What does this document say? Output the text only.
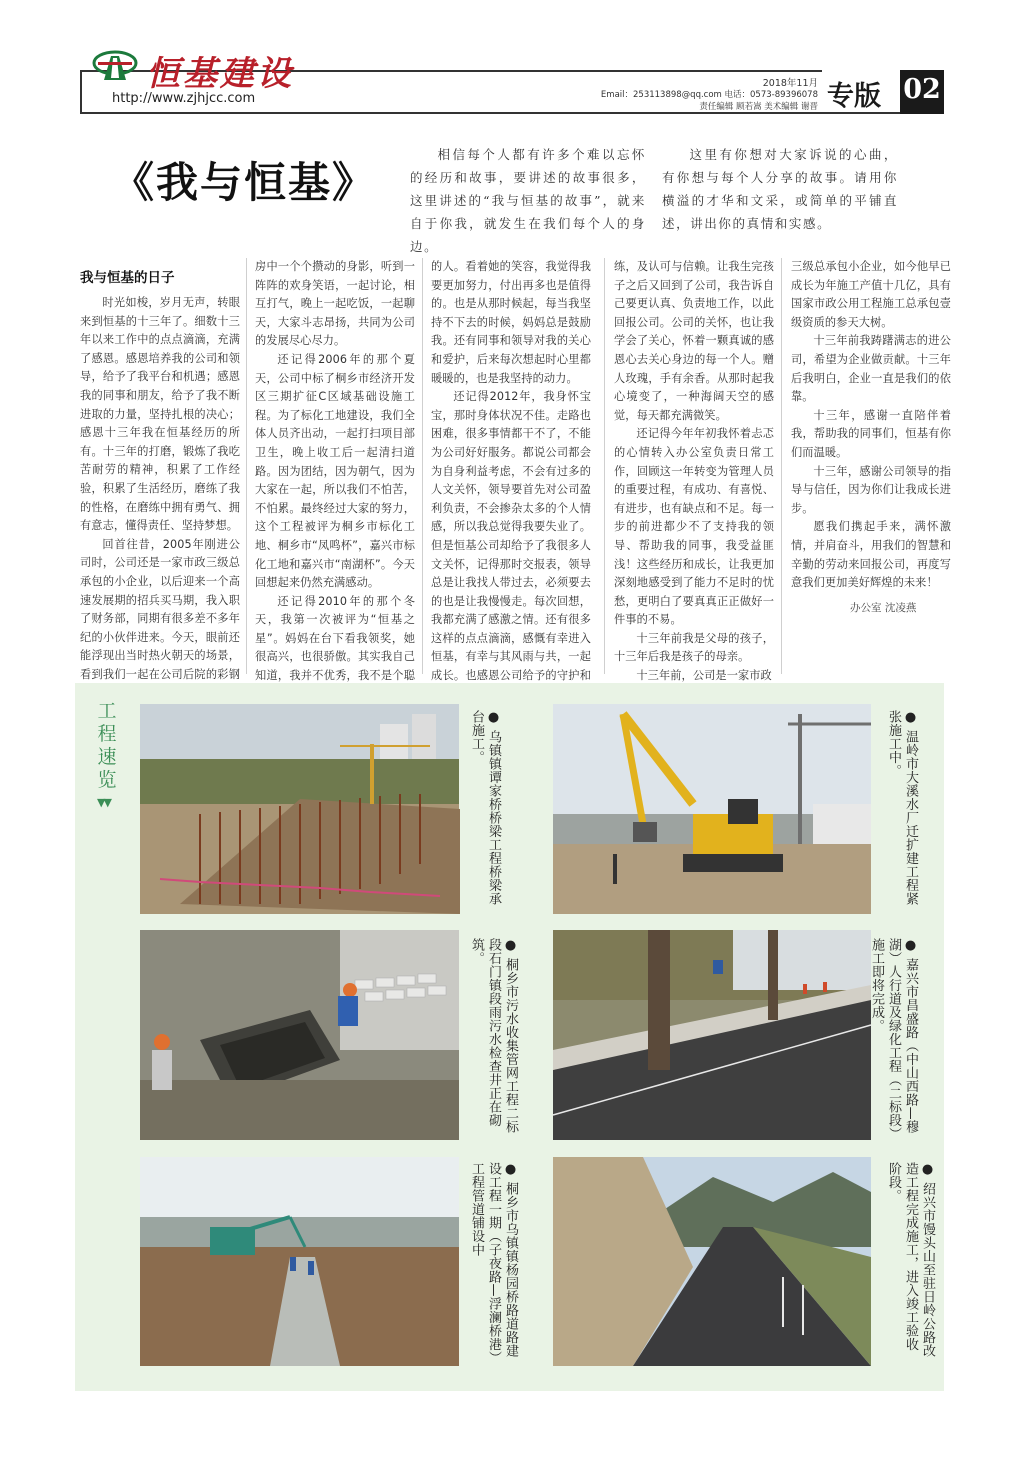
恒基建设
http://www.zjhjcc.com
2018年11月
Email：253113898@qq.com 电话：0573-89396078
责任编辑 顾若嵩 美术编辑 谢晋 专版 02
《我与恒基》
相信每个人都有许多个难以忘怀的经历和故事，要讲述的故事很多，这里讲述的“我与恒基的故事”，就来自于你我，就发生在我们每个人的身边。
这里有你想对大家诉说的心曲，有你想与每个人分享的故事。请用你横溢的才华和文采，或简单的平铺直述，讲出你的真情和实感。
我与恒基的日子

时光如梭，岁月无声，转眼来到恒基的十三年了。细数十三年以来工作中的点点滴滴，充满了感恩。感恩培养我的公司和领导，给予了我平台和机遇；感恩我的同事和朋友，给予了我不断进取的力量，坚持扎根的决心；感恩十三年我在恒基经历的所有。十三年的打磨，锻炼了我吃苦耐劳的精神，积累了工作经验，积累了生活经历，磨练了我的性格，在磨练中拥有勇气、拥有意志，懂得责任、坚持梦想。

回首往昔，2005年刚进公司时，公司还是一家市政三级总承包的小企业，以后迎来一个高速发展期的招兵买马期，我入职了财务部，同期有很多差不多年纪的小伙伴进来。今天，眼前还能浮现出当时热火朝天的场景，看到我们一起在公司后院的彩钢

房中一个个攒动的身影，听到一阵阵的欢身笑语，一起讨论，相互打气，晚上一起吃饭，一起聊天，大家斗志昂扬，共同为公司的发展尽心尽力。

还记得2006年的那个夏天，公司中标了桐乡市经济开发区三期扩征C区域基础设施工程。为了标化工地建设，我们全体人员齐出动，一起打扫项目部卫生，晚上收工后一起清扫道路。因为团结，因为朝气，因为大家在一起，所以我们不怕苦，不怕累。最终经过大家的努力，这个工程被评为桐乡市标化工地、桐乡市“凤鸣杯”，嘉兴市标化工地和嘉兴市“南湖杯”。今天回想起来仍然充满感动。

还记得2010年的那个冬天，我第一次被评为“恒基之星”。妈妈在台下看我领奖，她很高兴，也很骄傲。其实我自己知道，我并不优秀，我不是个聪

的人。看着她的笑容，我觉得我要更加努力，付出再多也是值得的。也是从那时候起，每当我坚持不下去的时候，妈妈总是鼓励我。还有同事和领导对我的关心和爱护，后来每次想起时心里都暖暖的，也是我坚持的动力。

还记得2012年，我身怀宝宝，那时身体状况不佳。走路也困难，很多事情都干不了，不能为公司好好服务。都说公司都会为自身利益考虑，不会有过多的人文关怀，领导要首先对公司盈利负责，不会掺杂太多的个人情感，所以我总觉得我要失业了。但是恒基公司却给予了我很多人文关怀，记得那时交报表，领导总是让我找人带过去，必须要去的也是让我慢慢走。每次回想，我都充满了感激之情。还有很多这样的点点滴滴，感慨有幸进入恒基，有幸与其风雨与共，一起成长。也感恩公司给予的守护和

练，及认可与信赖。让我生完孩子之后又回到了公司，我告诉自己要更认真、负责地工作，以此回报公司。公司的关怀，也让我学会了关心，怀着一颗真诚的感恩心去关心身边的每一个人。赠人玫瑰，手有余香。从那时起我心境变了，一种海阔天空的感觉，每天都充满微笑。

还记得今年年初我怀着忐忑的心情转入办公室负责日常工作，回顾这一年转变为管理人员的重要过程，有成功、有喜悦、有进步，也有缺点和不足。每一步的前进都少不了支持我的领导、帮助我的同事，我受益匪浅！这些经历和成长，让我更加深刻地感受到了能力不足时的忧愁，更明白了要真真正正做好一件事的不易。

十三年前我是父母的孩子，十三年后我是孩子的母亲。

十三年前，公司是一家市政

三级总承包小企业，如今他早已成长为年施工产值十几亿，具有国家市政公用工程施工总承包壹级资质的参天大树。

十三年前我踌躇满志的进公司，希望为企业做贡献。十三年后我明白，企业一直是我们的依靠。

十三年，感谢一直陪伴着我，帮助我的同事们，恒基有你们而温暖。

十三年，感谢公司领导的指导与信任，因为你们让我成长进步。

愿我们携起手来，满怀激情，并肩奋斗，用我们的智慧和辛勤的劳动来回报公司，再度写意我们更加美好辉煌的未来！

办公室 沈凌燕
工程速览
▼▼	● 乌镇镇谭家桥桥梁工程桥梁承台施工。
● 桐乡市污水收集管网工程二标段石门镇段雨污水检查井正在砌筑。
● 桐乡市乌镇镇杨园桥路道路建设工程一期（子夜路—浮澜桥港）工程管道铺设中
● 温岭市大溪水厂迁扩建工程紧张施工中。
● 嘉兴市昌盛路（中山西路—穆湖）人行道及绿化工程（二标段）施工即将完成。
● 绍兴市馒头山至驻日岭公路改造工程完成施工，进入竣工验收阶段。
